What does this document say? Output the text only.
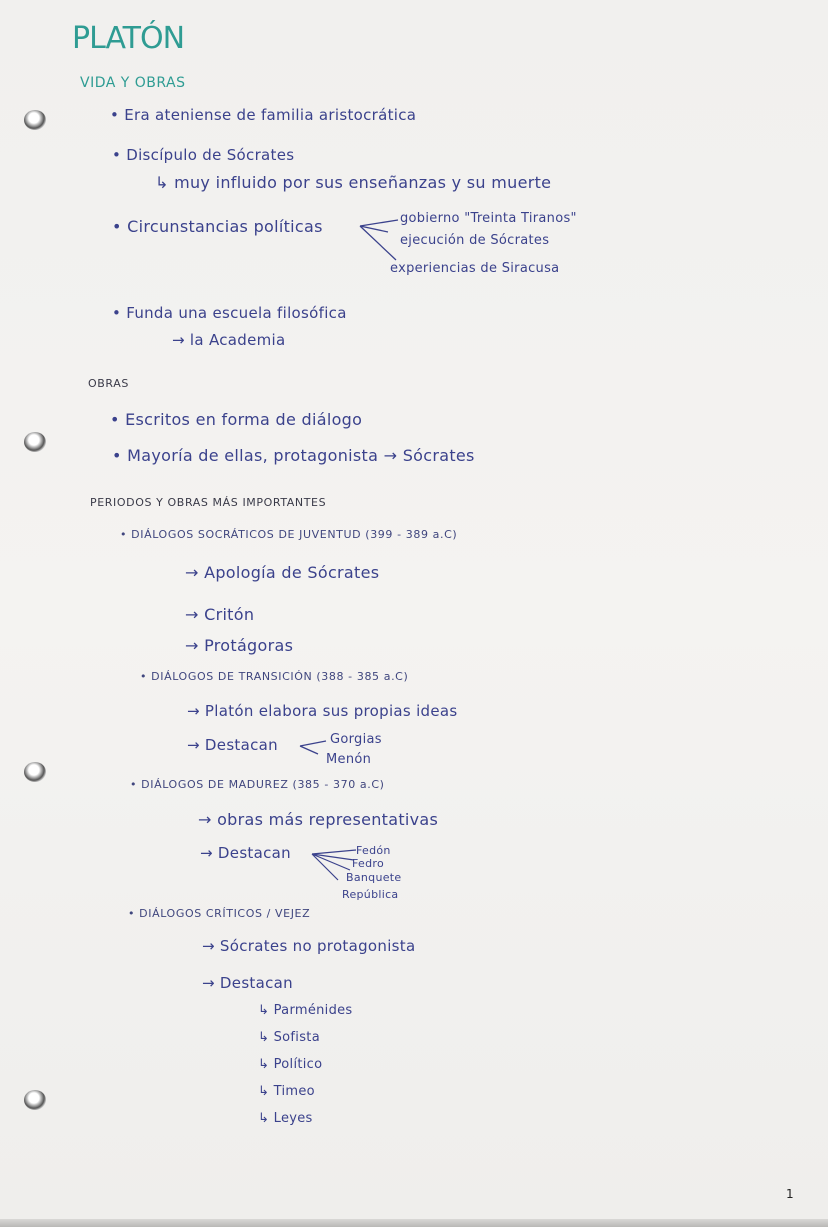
PLATÓN
VIDA Y OBRAS
• Era ateniense de familia aristocrática
• Discípulo de Sócrates
↳ muy influido por sus enseñanzas y su muerte
• Circunstancias políticas	gobierno "Treinta Tiranos"
ejecución de Sócrates
experiencias de Siracusa
• Funda una escuela filosófica
→ la Academia
OBRAS
• Escritos en forma de diálogo
• Mayoría de ellas, protagonista → Sócrates
PERIODOS Y OBRAS MÁS IMPORTANTES
• DIÁLOGOS SOCRÁTICOS DE JUVENTUD (399 - 389 a.C)
→ Apología de Sócrates
→ Critón
→ Protágoras
• DIÁLOGOS DE TRANSICIÓN (388 - 385 a.C)
→ Platón elabora sus propias ideas
→ Destacan	Gorgias
Menón
• DIÁLOGOS DE MADUREZ (385 - 370 a.C)
→ obras más representativas
→ Destacan	Fedón
Fedro
Banquete
República
• DIÁLOGOS CRÍTICOS / VEJEZ
→ Sócrates no protagonista
→ Destacan
↳ Parménides
↳ Sofista
↳ Político
↳ Timeo
↳ Leyes
1
